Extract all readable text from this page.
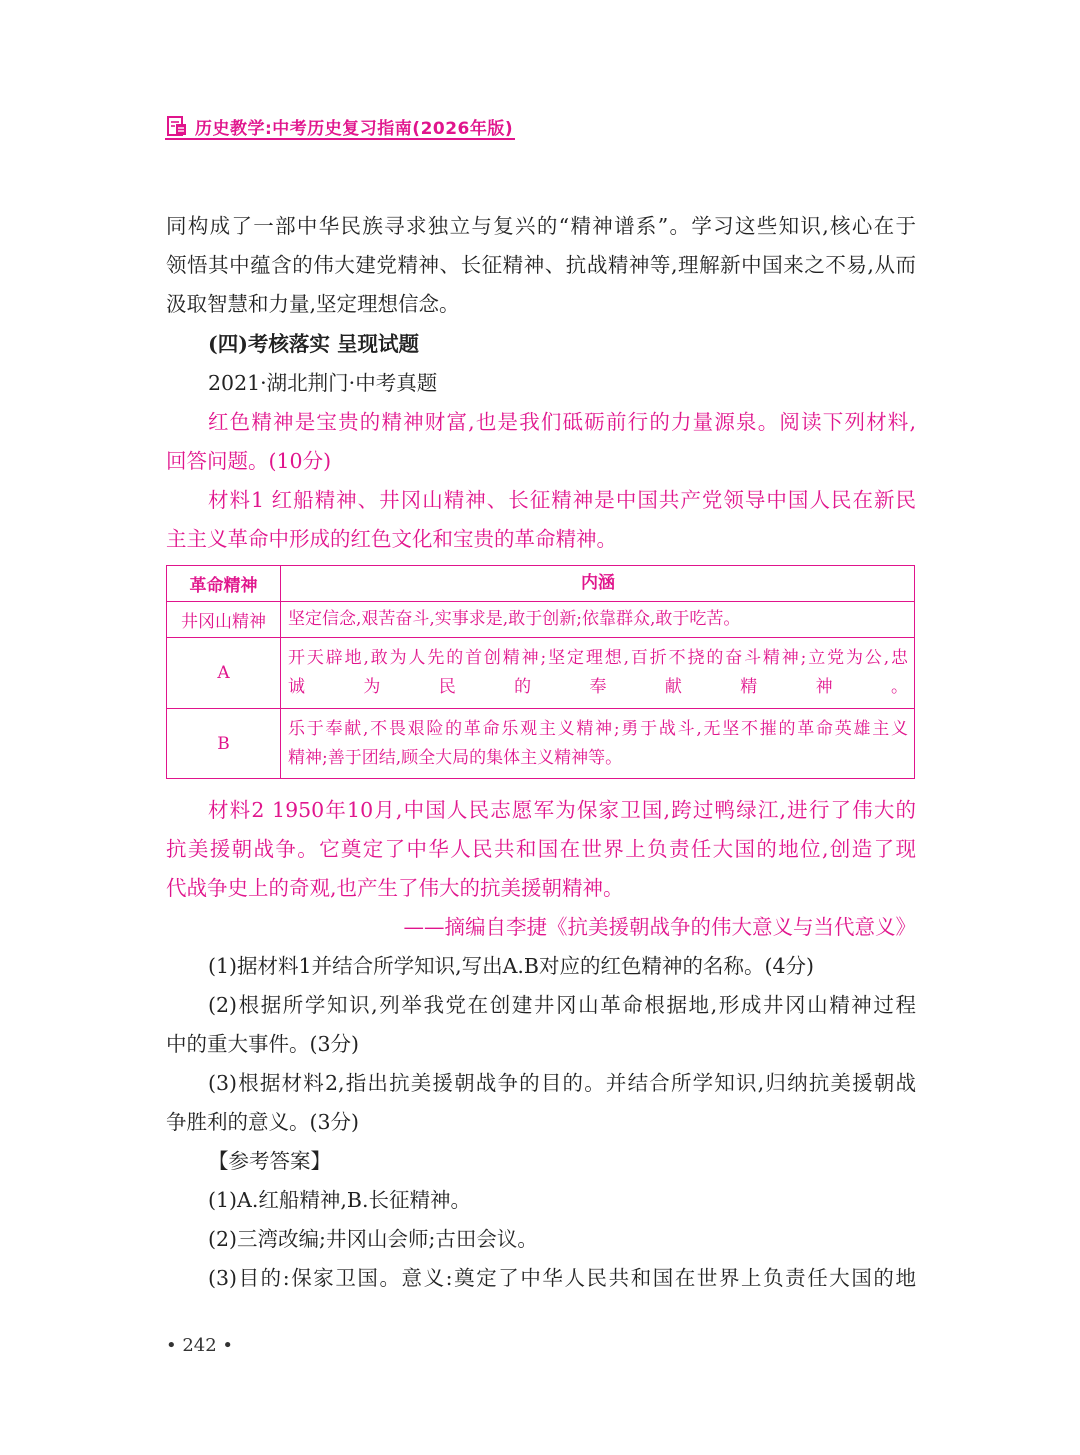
历史教学:中考历史复习指南(2026年版)
同构成了一部中华民族寻求独立与复兴的“精神谱系”。学习这些知识,核心在于
领悟其中蕴含的伟大建党精神、长征精神、抗战精神等,理解新中国来之不易,从而
汲取智慧和力量,坚定理想信念。
(四)考核落实 呈现试题
2021·湖北荆门·中考真题
红色精神是宝贵的精神财富,也是我们砥砺前行的力量源泉。阅读下列材料,
回答问题。(10分)
材料1 红船精神、井冈山精神、长征精神是中国共产党领导中国人民在新民
主主义革命中形成的红色文化和宝贵的革命精神。
革命精神	内涵
井冈山精神	坚定信念,艰苦奋斗,实事求是,敢于创新;依靠群众,敢于吃苦。
A
开天辟地,敢为人先的首创精神;坚定理想,百折不挠的奋斗精神;立党为公,忠
诚为民的奉献精神。
B
乐于奉献,不畏艰险的革命乐观主义精神;勇于战斗,无坚不摧的革命英雄主义
精神;善于团结,顾全大局的集体主义精神等。
材料2 1950年10月,中国人民志愿军为保家卫国,跨过鸭绿江,进行了伟大的
抗美援朝战争。它奠定了中华人民共和国在世界上负责任大国的地位,创造了现
代战争史上的奇观,也产生了伟大的抗美援朝精神。
——摘编自李捷《抗美援朝战争的伟大意义与当代意义》
(1)据材料1并结合所学知识,写出A.B对应的红色精神的名称。(4分)
(2)根据所学知识,列举我党在创建井冈山革命根据地,形成井冈山精神过程
中的重大事件。(3分)
(3)根据材料2,指出抗美援朝战争的目的。并结合所学知识,归纳抗美援朝战
争胜利的意义。(3分)
【参考答案】
(1)A.红船精神,B.长征精神。
(2)三湾改编;井冈山会师;古田会议。
(3)目的:保家卫国。意义:奠定了中华人民共和国在世界上负责任大国的地
• 242 •
